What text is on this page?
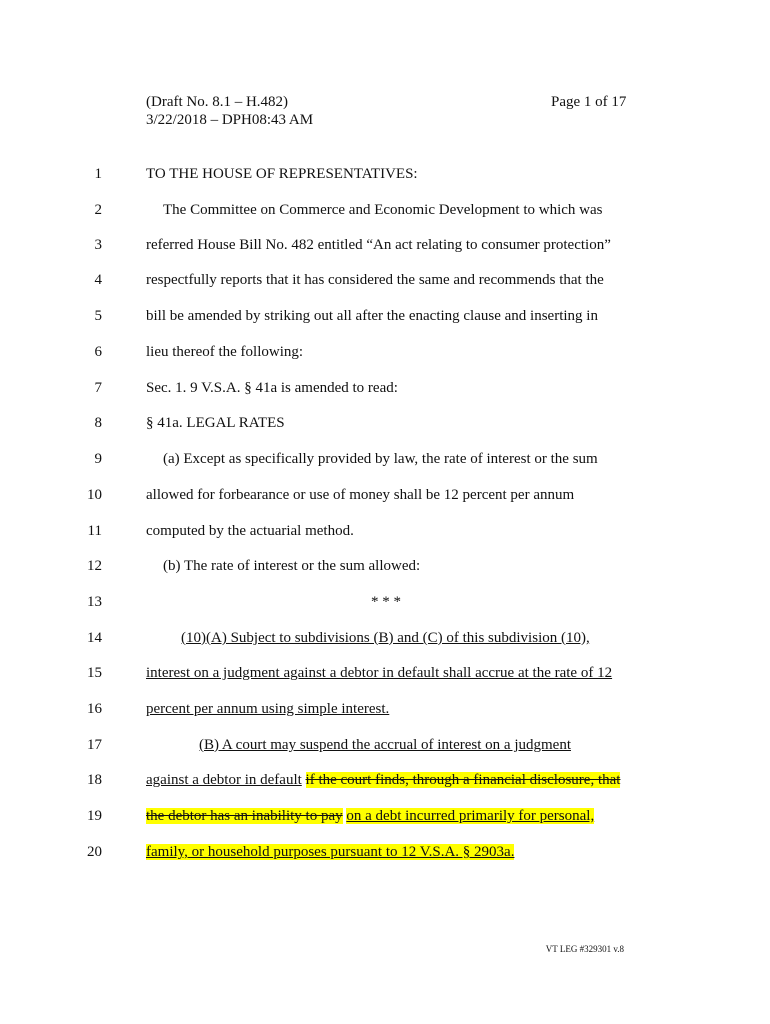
(Draft No. 8.1 – H.482)
3/22/2018 – DPH08:43 AM
Page 1 of 17
1	TO THE HOUSE OF REPRESENTATIVES:
2	The Committee on Commerce and Economic Development to which was
3	referred House Bill No. 482 entitled “An act relating to consumer protection”
4	respectfully reports that it has considered the same and recommends that the
5	bill be amended by striking out all after the enacting clause and inserting in
6	lieu thereof the following:
7	Sec. 1. 9 V.S.A. § 41a is amended to read:
8	§ 41a. LEGAL RATES
9	(a) Except as specifically provided by law, the rate of interest or the sum
10	allowed for forbearance or use of money shall be 12 percent per annum
11	computed by the actuarial method.
12	(b) The rate of interest or the sum allowed:
13	* * *
14	(10)(A) Subject to subdivisions (B) and (C) of this subdivision (10),
15	interest on a judgment against a debtor in default shall accrue at the rate of 12
16	percent per annum using simple interest.
17	(B) A court may suspend the accrual of interest on a judgment
18	against a debtor in default if the court finds, through a financial disclosure, that
19	the debtor has an inability to pay on a debt incurred primarily for personal,
20	family, or household purposes pursuant to 12 V.S.A. § 2903a.
VT LEG #329301 v.8
